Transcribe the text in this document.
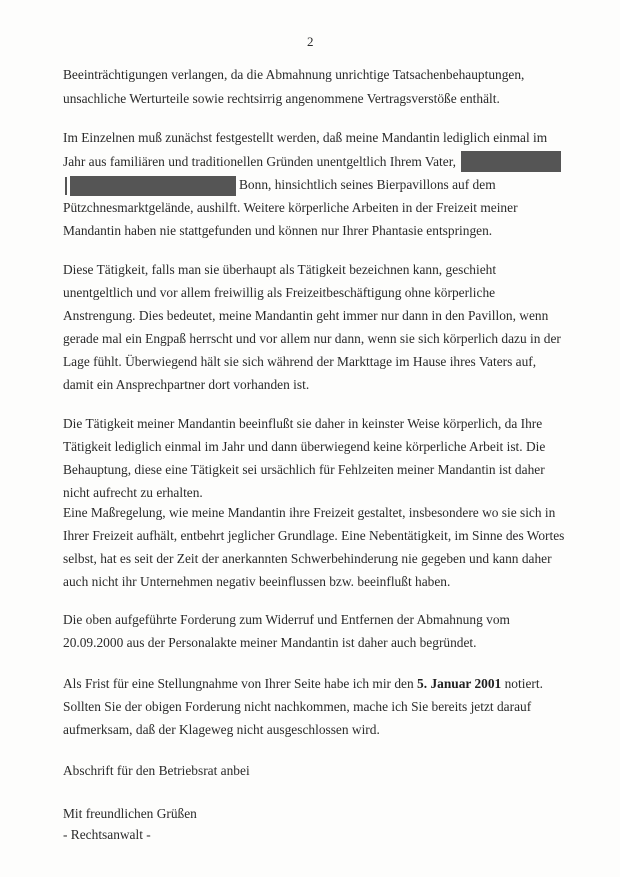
2
Beeinträchtigungen verlangen, da die Abmahnung unrichtige Tatsachenbehauptungen,
unsachliche Werturteile sowie rechtsirrig angenommene Vertragsverstöße enthält.
Im Einzelnen muß zunächst festgestellt werden, daß meine Mandantin lediglich einmal im
Jahr aus familiären und traditionellen Gründen unentgeltlich Ihrem Vater,
Bonn, hinsichtlich seines Bierpavillons auf dem
Pützchnesmarktgelände, aushilft. Weitere körperliche Arbeiten in der Freizeit meiner
Mandantin haben nie stattgefunden und können nur Ihrer Phantasie entspringen.
Diese Tätigkeit, falls man sie überhaupt als Tätigkeit bezeichnen kann, geschieht
unentgeltlich und vor allem freiwillig als Freizeitbeschäftigung ohne körperliche
Anstrengung. Dies bedeutet, meine Mandantin geht immer nur dann in den Pavillon, wenn
gerade mal ein Engpaß herrscht und vor allem nur dann, wenn sie sich körperlich dazu in der
Lage fühlt. Überwiegend hält sie sich während der Markttage im Hause ihres Vaters auf,
damit ein Ansprechpartner dort vorhanden ist.
Die Tätigkeit meiner Mandantin beeinflußt sie daher in keinster Weise körperlich, da Ihre
Tätigkeit lediglich einmal im Jahr und dann überwiegend keine körperliche Arbeit ist. Die
Behauptung, diese eine Tätigkeit sei ursächlich für Fehlzeiten meiner Mandantin ist daher
nicht aufrecht zu erhalten.
Eine Maßregelung, wie meine Mandantin ihre Freizeit gestaltet, insbesondere wo sie sich in
Ihrer Freizeit aufhält, entbehrt jeglicher Grundlage. Eine Nebentätigkeit, im Sinne des Wortes
selbst, hat es seit der Zeit der anerkannten Schwerbehinderung nie gegeben und kann daher
auch nicht ihr Unternehmen negativ beeinflussen bzw. beeinflußt haben.
Die oben aufgeführte Forderung zum Widerruf und Entfernen der Abmahnung vom
20.09.2000 aus der Personalakte meiner Mandantin ist daher auch begründet.
Als Frist für eine Stellungnahme von Ihrer Seite habe ich mir den 5. Januar 2001 notiert.
Sollten Sie der obigen Forderung nicht nachkommen, mache ich Sie bereits jetzt darauf
aufmerksam, daß der Klageweg nicht ausgeschlossen wird.
Abschrift für den Betriebsrat anbei
Mit freundlichen Grüßen
- Rechtsanwalt -
